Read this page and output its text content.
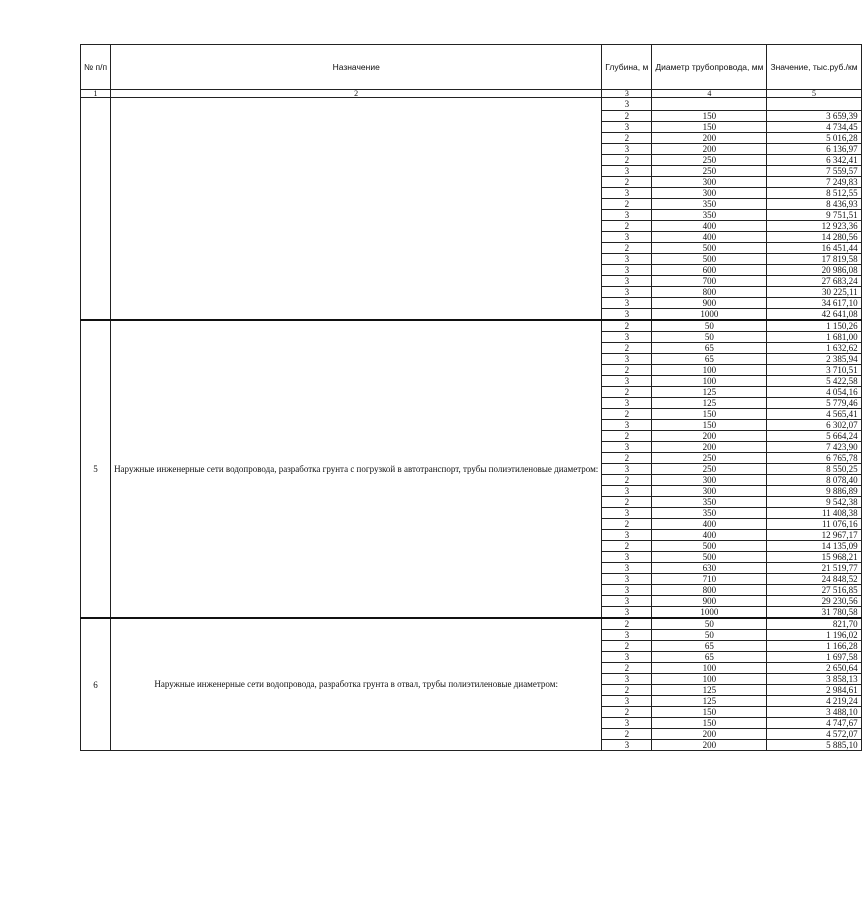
№ п/п	Назначение	Глубина, м	Диаметр трубопровода, мм	Значение, тыс.руб./км
1	2	3	4	5
		3		
		2	150	3 659,39
		3	150	4 734,45
		2	200	5 016,28
		3	200	6 136,97
		2	250	6 342,41
		3	250	7 559,57
		2	300	7 249,83
		3	300	8 512,55
		2	350	8 436,93
		3	350	9 751,51
		2	400	12 923,36
		3	400	14 280,56
		2	500	16 451,44
		3	500	17 819,58
		3	600	20 986,08
		3	700	27 683,24
		3	800	30 225,11
		3	900	34 617,10
		3	1000	42 641,08
5	Наружные инженерные сети водопровода, разработка грунта с погрузкой в автотранспорт, трубы полиэтиленовые диаметром:	2	50	1 150,26
		3	50	1 681,00
		2	65	1 632,62
		3	65	2 385,94
		2	100	3 710,51
		3	100	5 422,58
		2	125	4 054,16
		3	125	5 779,46
		2	150	4 565,41
		3	150	6 302,07
		2	200	5 664,24
		3	200	7 423,90
		2	250	6 765,78
		3	250	8 550,25
		2	300	8 078,40
		3	300	9 886,89
		2	350	9 542,38
		3	350	11 408,38
		2	400	11 076,16
		3	400	12 967,17
		2	500	14 135,09
		3	500	15 968,21
		3	630	21 519,77
		3	710	24 848,52
		3	800	27 516,85
		3	900	29 230,56
		3	1000	31 780,58
6	Наружные инженерные сети водопровода, разработка грунта в отвал, трубы полиэтиленовые диаметром:	2	50	821,70
		3	50	1 196,02
		2	65	1 166,28
		3	65	1 697,58
		2	100	2 650,64
		3	100	3 858,13
		2	125	2 984,61
		3	125	4 219,24
		2	150	3 488,10
		3	150	4 747,67
		2	200	4 572,07
		3	200	5 885,10
